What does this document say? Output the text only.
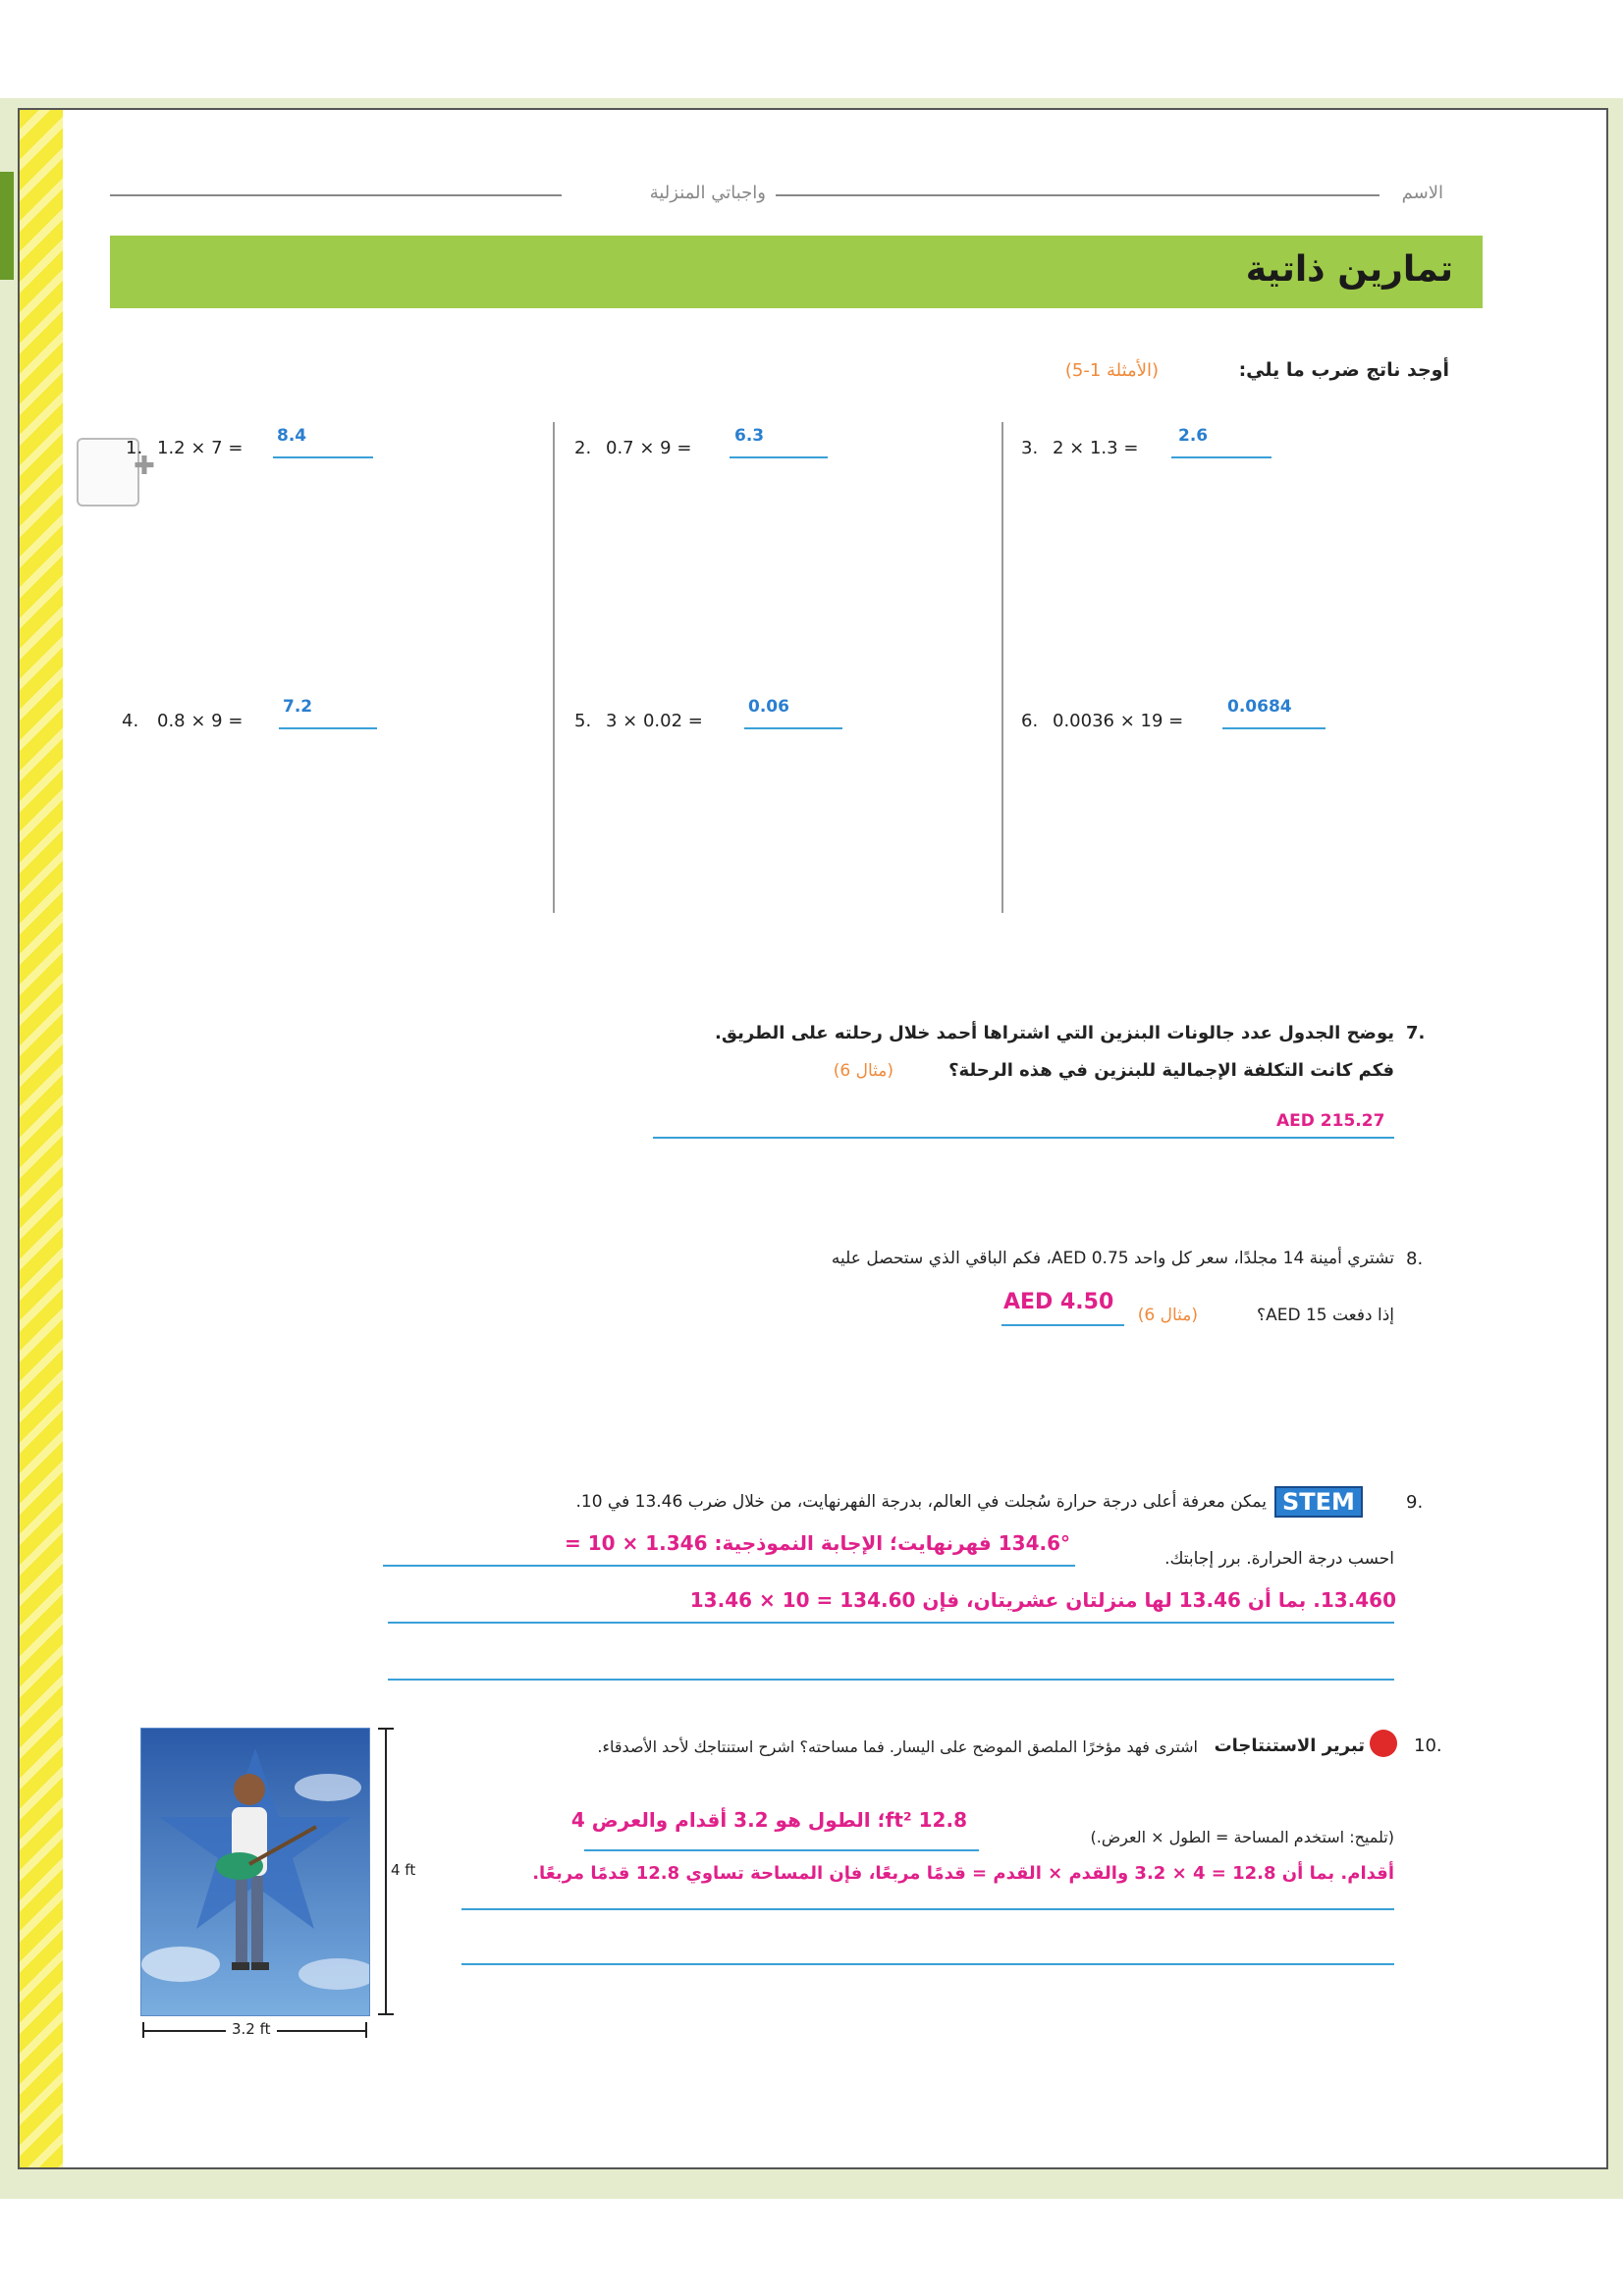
الاسم
واجباتي المنزلية
تمارين ذاتية
أوجد ناتج ضرب ما يلي:
(الأمثلة 1-5)
✚
1. 1.2 × 7 =
8.4
2. 0.7 × 9 =
6.3
3. 2 × 1.3 =
2.6
4. 0.8 × 9 =
7.2
5. 3 × 0.02 =
0.06
6. 0.0036 × 19 =
0.0684
7.
يوضح الجدول عدد جالونات البنزين التي اشتراها أحمد خلال رحلته على الطريق.
فكم كانت التكلفة الإجمالية للبنزين في هذه الرحلة؟
(مثال 6)
AED 215.27
8.
تشتري أمينة 14 مجلدًا، سعر كل واحد AED 0.75، فكم الباقي الذي ستحصل عليه
إذا دفعت AED 15؟
(مثال 6)
AED 4.50
9.
STEM
يمكن معرفة أعلى درجة حرارة سُجلت في العالم، بدرجة الفهرنهايت، من خلال ضرب 13.46 في 10.
احسب درجة الحرارة. برر إجابتك.
134.6° فهرنهايت؛ الإجابة النموذجية: 1.346 × 10 =
13.460. بما أن 13.46 لها منزلتان عشريتان، فإن 134.60 = 10 × 13.46
10.
تبرير الاستنتاجات
اشترى فهد مؤخرًا الملصق الموضح على اليسار. فما مساحته؟ اشرح استنتاجك لأحد الأصدقاء.
(تلميح: استخدم المساحة = الطول × العرض.)
12.8 ft²؛ الطول هو 3.2 أقدام والعرض 4
أقدام. بما أن 12.8 = 4 × 3.2 والقدم × القدم = قدمًا مربعًا، فإن المساحة تساوي 12.8 قدمًا مربعًا.
4 ft
3.2 ft
